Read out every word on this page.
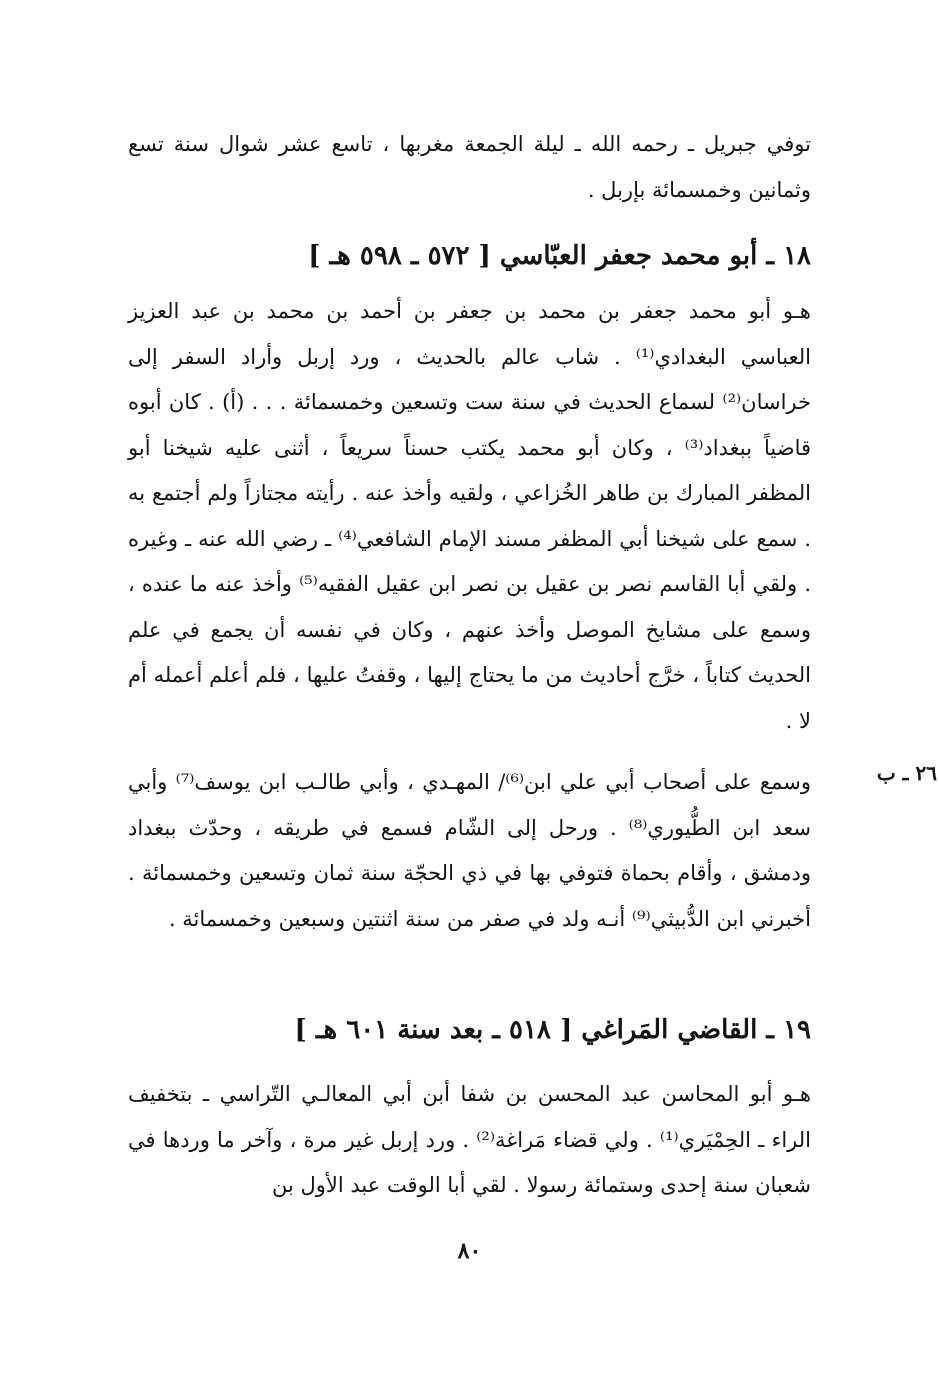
توفي جبريل ـ رحمه الله ـ ليلة الجمعة مغربها ، تاسع عشر شوال سنة تسع وثمانين وخمسمائة بإربل .

١٨ ـ أبو محمد جعفر العبّاسي [ ٥٧٢ ـ ٥٩٨ هـ ]

هـو أبو محمد جعفر بن محمد بن جعفر بن أحمد بن محمد بن عبد العزيز العباسي البغدادي⁽¹⁾ . شاب عالم بالحديث ، ورد إربل وأراد السفر إلى خراسان⁽²⁾ لسماع الحديث في سنة ست وتسعين وخمسمائة . . . (أ) . كان أبوه قاضياً ببغداد⁽³⁾ ، وكان أبو محمد يكتب حسناً سريعاً ، أثنى عليه شيخنا أبو المظفر المبارك بن طاهر الخُزاعي ، ولقيه وأخذ عنه . رأيته مجتازاً ولم أجتمع به . سمع على شيخنا أبي المظفر مسند الإمام الشافعي⁽⁴⁾ ـ رضي الله عنه ـ وغيره . ولقي أبا القاسم نصر بن عقيل بن نصر ابن عقيل الفقيه⁽⁵⁾ وأخذ عنه ما عنده ، وسمع على مشايخ الموصل وأخذ عنهم ، وكان في نفسه أن يجمع في علم الحديث كتاباً ، خرَّج أحاديث من ما يحتاج إليها ، وقفتُ عليها ، فلم أعلم أعمله أم لا .

٢٦ ـ ب

وسمع على أصحاب أبي علي ابن⁽⁶⁾/ المهـدي ، وأبي طالـب ابن يوسف⁽⁷⁾ وأبي سعد ابن الطُّيوري⁽⁸⁾ . ورحل إلى الشّام فسمع في طريقه ، وحدّث ببغداد ودمشق ، وأقام بحماة فتوفي بها في ذي الحجّة سنة ثمان وتسعين وخمسمائة . أخبرني ابن الدُّبيثي⁽⁹⁾ أنـه ولد في صفر من سنة اثنتين وسبعين وخمسمائة .

١٩ ـ القاضي المَراغي [ ٥١٨ ـ بعد سنة ٦٠١ هـ ]

هـو أبو المحاسن عبد المحسن بن شفا أبن أبي المعالـي التّراسي ـ بتخفيف الراء ـ الحِمْيَري⁽¹⁾ . ولي قضاء مَراغة⁽²⁾ . ورد إربل غير مرة ، وآخر ما وردها في شعبان سنة إحدى وستمائة رسولا . لقي أبا الوقت عبد الأول بن

٨٠
